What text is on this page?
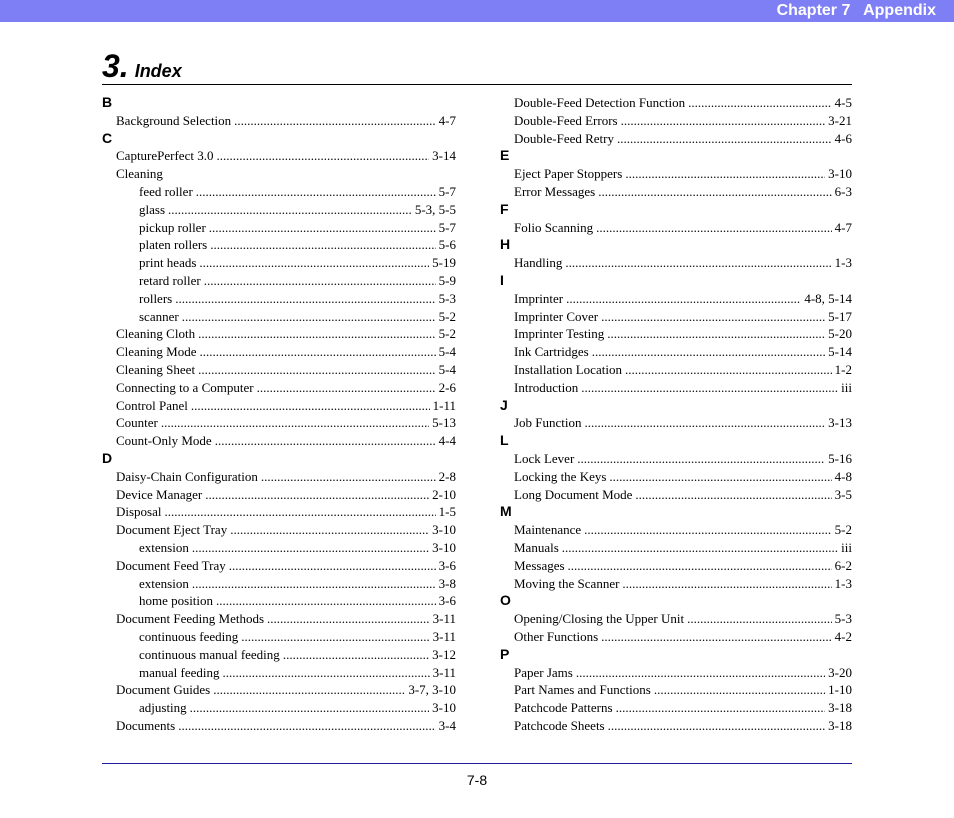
Chapter 7   Appendix
3. Index
B
Background Selection .....	4-7
C
CapturePerfect 3.0 .....	3-14
Cleaning
feed roller .....	5-7
glass .....	5-3, 5-5
pickup roller .....	5-7
platen rollers .....	5-6
print heads .....	5-19
retard roller .....	5-9
rollers .....	5-3
scanner .....	5-2
Cleaning Cloth .....	5-2
Cleaning Mode .....	5-4
Cleaning Sheet .....	5-4
Connecting to a Computer .....	2-6
Control Panel .....	1-11
Counter .....	5-13
Count-Only Mode .....	4-4
D
Daisy-Chain Configuration .....	2-8
Device Manager .....	2-10
Disposal .....	1-5
Document Eject Tray .....	3-10
extension .....	3-10
Document Feed Tray .....	3-6
extension .....	3-8
home position .....	3-6
Document Feeding Methods .....	3-11
continuous feeding .....	3-11
continuous manual feeding .....	3-12
manual feeding .....	3-11
Document Guides .....	3-7, 3-10
adjusting .....	3-10
Documents .....	3-4
Double-Feed Detection Function .....	4-5
Double-Feed Errors .....	3-21
Double-Feed Retry .....	4-6
E
Eject Paper Stoppers .....	3-10
Error Messages .....	6-3
F
Folio Scanning .....	4-7
H
Handling .....	1-3
I
Imprinter .....	4-8, 5-14
Imprinter Cover .....	5-17
Imprinter Testing .....	5-20
Ink Cartridges .....	5-14
Installation Location .....	1-2
Introduction .....	iii
J
Job Function .....	3-13
L
Lock Lever .....	5-16
Locking the Keys .....	4-8
Long Document Mode .....	3-5
M
Maintenance .....	5-2
Manuals .....	iii
Messages .....	6-2
Moving the Scanner .....	1-3
O
Opening/Closing the Upper Unit .....	5-3
Other Functions .....	4-2
P
Paper Jams .....	3-20
Part Names and Functions .....	1-10
Patchcode Patterns .....	3-18
Patchcode Sheets .....	3-18
7-8
